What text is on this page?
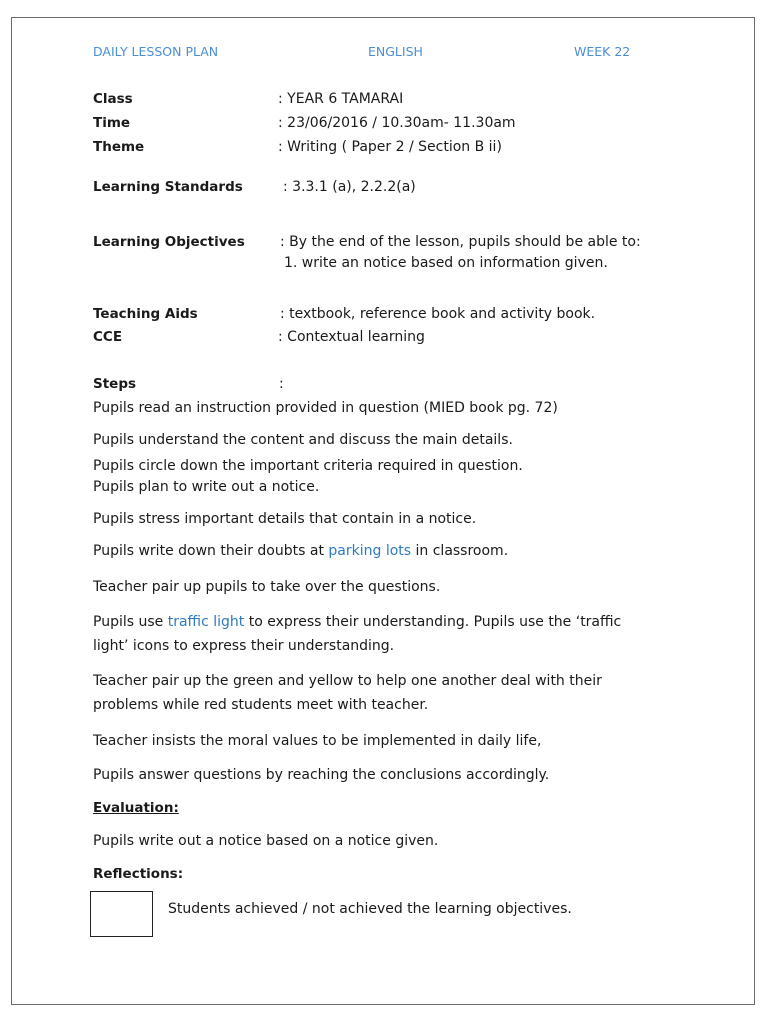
DAILY LESSON PLAN	ENGLISH	WEEK 22
Class	: YEAR 6 TAMARAI
Time	: 23/06/2016 / 10.30am- 11.30am
Theme	: Writing ( Paper 2 / Section B ii)
Learning Standards	: 3.3.1 (a), 2.2.2(a)
Learning Objectives	: By the end of the lesson, pupils should be able to:
1. write an notice based on information given.
Teaching Aids	: textbook, reference book and activity book.
CCE	: Contextual learning
Steps	:
Pupils read an instruction provided in question (MIED book pg. 72)
Pupils understand the content and discuss the main details.
Pupils circle down the important criteria required in question.
Pupils plan to write out a notice.
Pupils stress important details that contain in a notice.
Pupils write down their doubts at parking lots in classroom.
Teacher pair up pupils to take over the questions.
Pupils use traffic light to express their understanding. Pupils use the ‘traffic
light’ icons to express their understanding.
Teacher pair up the green and yellow to help one another deal with their
problems while red students meet with teacher.
Teacher insists the moral values to be implemented in daily life,
Pupils answer questions by reaching the conclusions accordingly.
Evaluation:
Pupils write out a notice based on a notice given.
Reflections:
Students achieved / not achieved the learning objectives.
